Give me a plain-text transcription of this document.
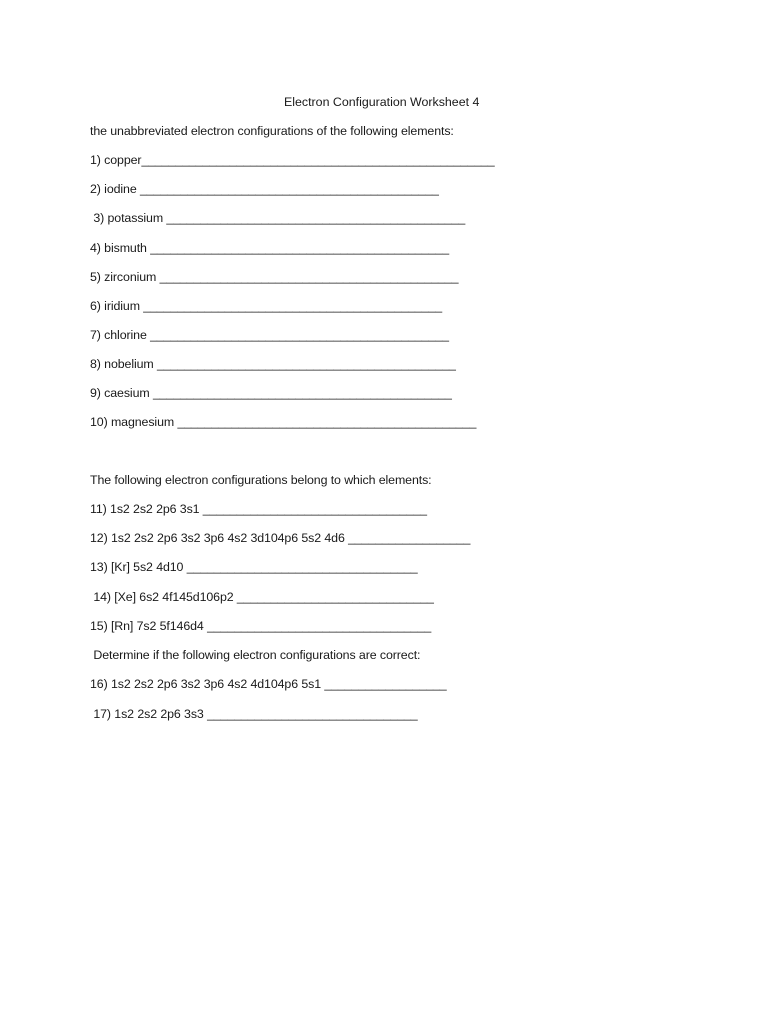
Electron Configuration Worksheet 4
the unabbreviated electron configurations of the following elements:
1) copper____________________________________________________
2) iodine ____________________________________________
3) potassium ____________________________________________
4) bismuth ____________________________________________
5) zirconium ____________________________________________
6) iridium ____________________________________________
7) chlorine ____________________________________________
8) nobelium ____________________________________________
9) caesium ____________________________________________
10) magnesium ____________________________________________
The following electron configurations belong to which elements:
11) 1s2 2s2 2p6 3s1 _________________________________
12) 1s2 2s2 2p6 3s2 3p6 4s2 3d104p6 5s2 4d6 __________________
13) [Kr] 5s2 4d10 __________________________________
14) [Xe] 6s2 4f145d106p2 _____________________________
15) [Rn] 7s2 5f146d4 _________________________________
Determine if the following electron configurations are correct:
16) 1s2 2s2 2p6 3s2 3p6 4s2 4d104p6 5s1 __________________
17) 1s2 2s2 2p6 3s3 _______________________________
